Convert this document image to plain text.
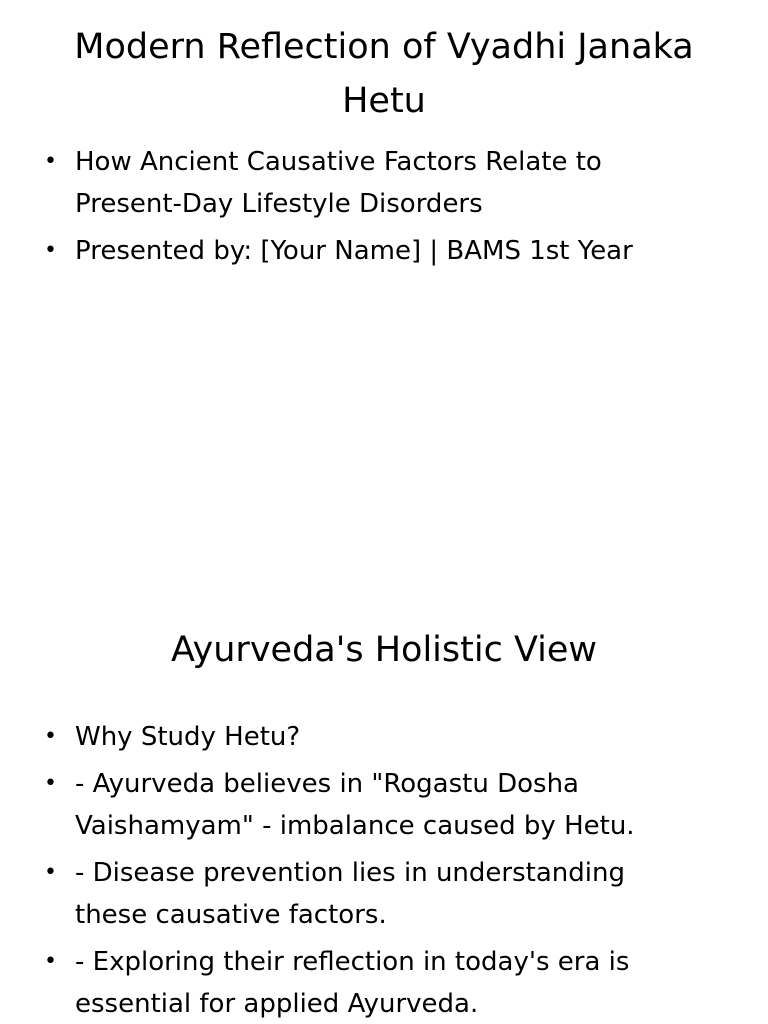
Modern Reflection of Vyadhi Janaka Hetu
• How Ancient Causative Factors Relate to Present-Day Lifestyle Disorders
• Presented by: [Your Name] | BAMS 1st Year
Ayurveda's Holistic View
• Why Study Hetu?
• - Ayurveda believes in "Rogastu Dosha Vaishamyam" - imbalance caused by Hetu.
• - Disease prevention lies in understanding these causative factors.
• - Exploring their reflection in today's era is essential for applied Ayurveda.
